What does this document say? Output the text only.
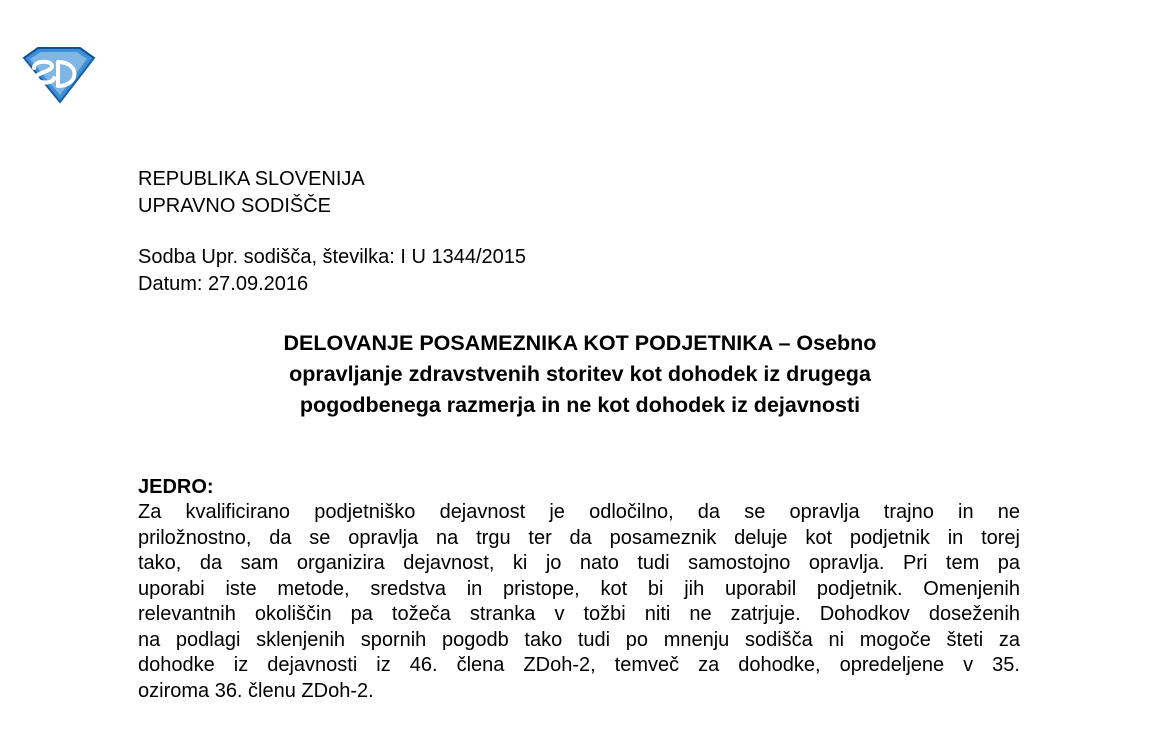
REPUBLIKA SLOVENIJA
UPRAVNO SODIŠČE
Sodba Upr. sodišča, številka: I U 1344/2015
Datum: 27.09.2016
DELOVANJE POSAMEZNIKA KOT PODJETNIKA – Osebno
opravljanje zdravstvenih storitev kot dohodek iz drugega
pogodbenega razmerja in ne kot dohodek iz dejavnosti
JEDRO:
Za kvalificirano podjetniško dejavnost je odločilno, da se opravlja trajno in ne
priložnostno, da se opravlja na trgu ter da posameznik deluje kot podjetnik in torej
tako, da sam organizira dejavnost, ki jo nato tudi samostojno opravlja. Pri tem pa
uporabi iste metode, sredstva in pristope, kot bi jih uporabil podjetnik. Omenjenih
relevantnih okoliščin pa tožeča stranka v tožbi niti ne zatrjuje. Dohodkov doseženih
na podlagi sklenjenih spornih pogodb tako tudi po mnenju sodišča ni mogoče šteti za
dohodke iz dejavnosti iz 46. člena ZDoh-2, temveč za dohodke, opredeljene v 35.
oziroma 36. členu ZDoh-2.
